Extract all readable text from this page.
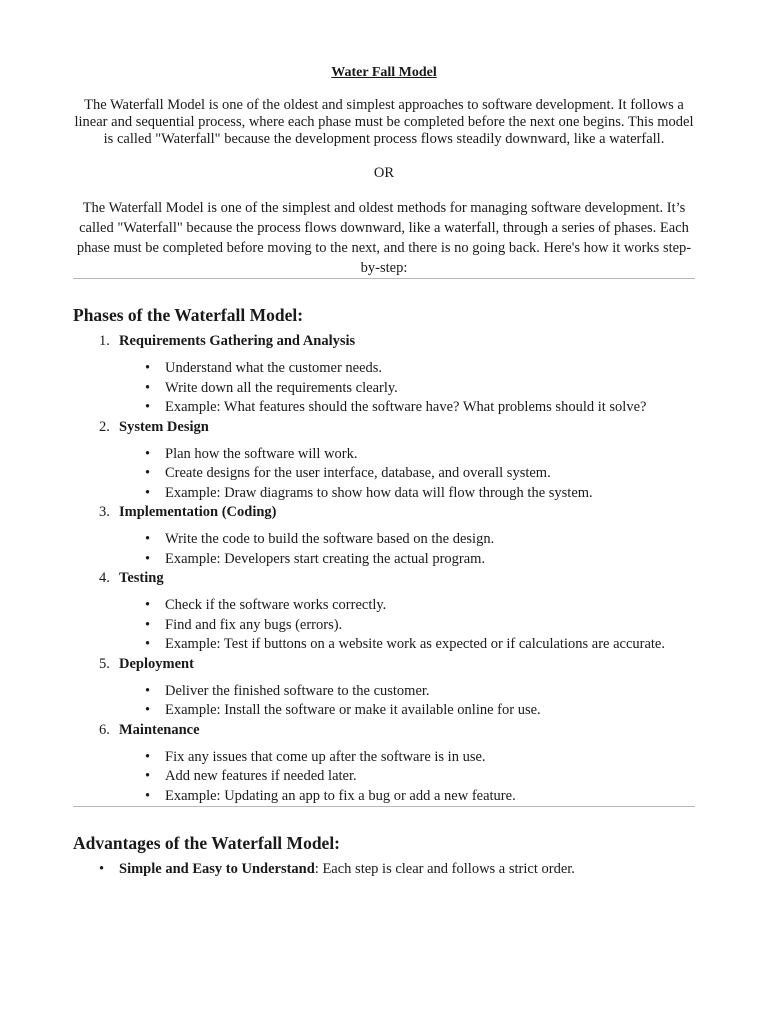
Water Fall Model

The Waterfall Model is one of the oldest and simplest approaches to software development. It follows a linear and sequential process, where each phase must be completed before the next one begins. This model is called "Waterfall" because the development process flows steadily downward, like a waterfall.

OR

The Waterfall Model is one of the simplest and oldest methods for managing software development. It’s called "Waterfall" because the process flows downward, like a waterfall, through a series of phases. Each phase must be completed before moving to the next, and there is no going back. Here's how it works step-by-step:

Phases of the Waterfall Model:
1. Requirements Gathering and Analysis
• Understand what the customer needs.
• Write down all the requirements clearly.
• Example: What features should the software have? What problems should it solve?
2. System Design
• Plan how the software will work.
• Create designs for the user interface, database, and overall system.
• Example: Draw diagrams to show how data will flow through the system.
3. Implementation (Coding)
• Write the code to build the software based on the design.
• Example: Developers start creating the actual program.
4. Testing
• Check if the software works correctly.
• Find and fix any bugs (errors).
• Example: Test if buttons on a website work as expected or if calculations are accurate.
5. Deployment
• Deliver the finished software to the customer.
• Example: Install the software or make it available online for use.
6. Maintenance
• Fix any issues that come up after the software is in use.
• Add new features if needed later.
• Example: Updating an app to fix a bug or add a new feature.
Advantages of the Waterfall Model:
• Simple and Easy to Understand: Each step is clear and follows a strict order.
